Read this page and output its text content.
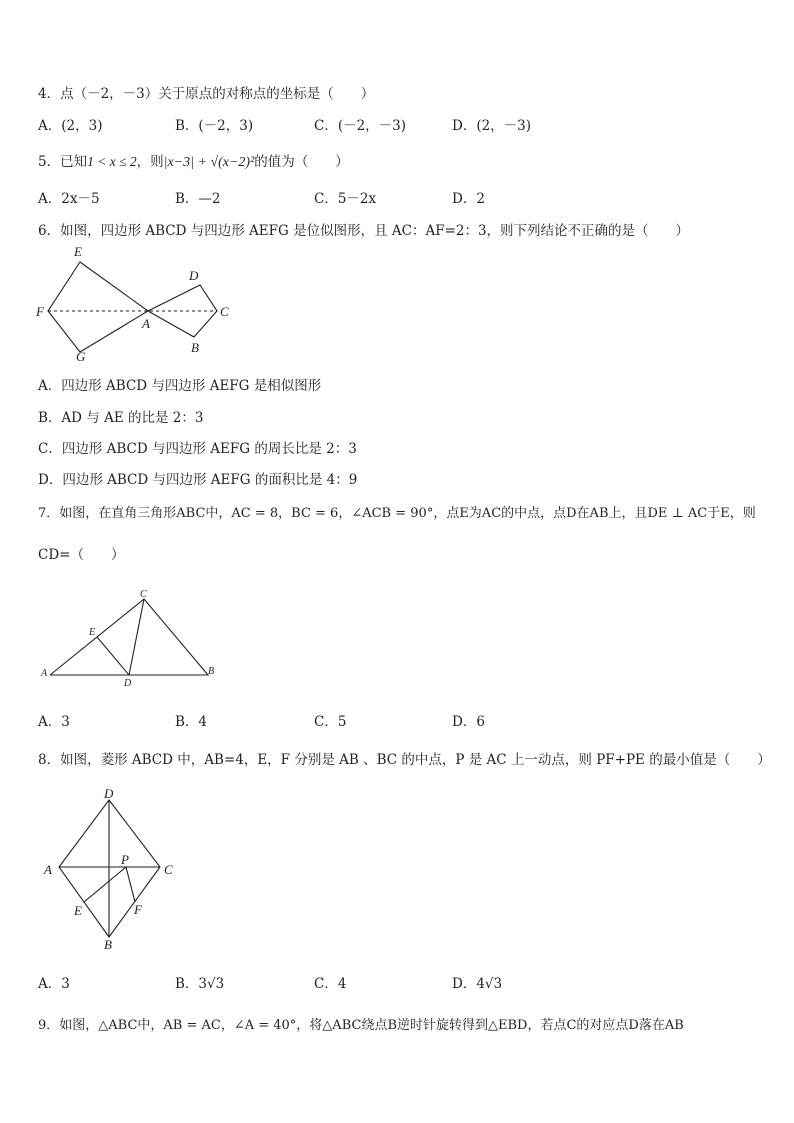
4．点（－2，－3）关于原点的对称点的坐标是（　　）
A．(2，3)	B．(－2，3)	C．(－2，－3)	D．(2，－3)
5．已知1 < x ≤ 2，则|x−3| + √(x−2)²的值为（　　）
A．2x－5	B．—2	C．5－2x	D．2
6．如图，四边形 ABCD 与四边形 AEFG 是位似图形，且 AC：AF=2：3，则下列结论不正确的是（　　）
E
D
F
A
C
G
B
A．四边形 ABCD 与四边形 AEFG 是相似图形
B．AD 与 AE 的比是 2：3
C．四边形 ABCD 与四边形 AEFG 的周长比是 2：3
D．四边形 ABCD 与四边形 AEFG 的面积比是 4：9
7．如图，在直角三角形ABC中，AC = 8，BC = 6，∠ACB = 90°，点E为AC的中点，点D在AB上，且DE ⊥ AC于E，则
CD=（　　）
C
E
A
D
B
A．3	B．4	C．5	D．6
8．如图，菱形 ABCD 中，AB=4，E，F 分别是 AB 、BC 的中点，P 是 AC 上一动点，则 PF+PE 的最小值是（　　）
D
A
P
C
E	F
B
A．3	B．3√3	C．4	D．4√3
9．如图，△ABC中，AB = AC，∠A = 40°，将△ABC绕点B逆时针旋转得到△EBD，若点C的对应点D落在AB
